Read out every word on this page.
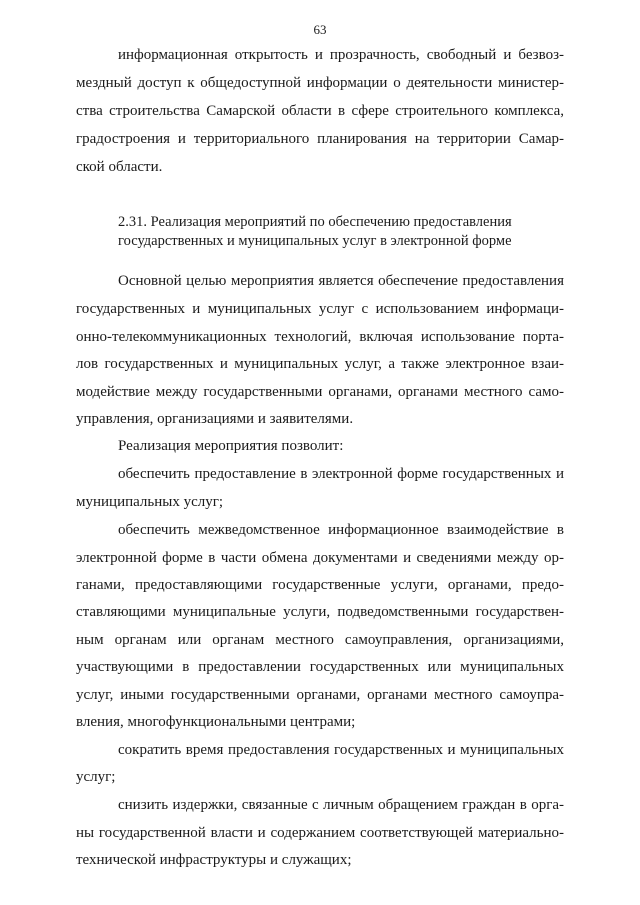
63
информационная открытость и прозрачность, свободный и безвоз-
мездный доступ к общедоступной информации о деятельности министер-
ства строительства Самарской области в сфере строительного комплекса,
градостроения и территориального планирования на территории Самар-
ской области.
2.31. Реализация мероприятий по обеспечению предоставления
государственных и муниципальных услуг в электронной форме
Основной целью мероприятия является обеспечение предоставления
государственных и муниципальных услуг с использованием информаци-
онно-телекоммуникационных технологий, включая использование порта-
лов государственных и муниципальных услуг, а также электронное взаи-
модействие между государственными органами, органами местного само-
управления, организациями и заявителями.
Реализация мероприятия позволит:
обеспечить предоставление в электронной форме государственных и
муниципальных услуг;
обеспечить межведомственное информационное взаимодействие в
электронной форме в части обмена документами и сведениями между ор-
ганами, предоставляющими государственные услуги, органами, предо-
ставляющими муниципальные услуги, подведомственными государствен-
ным органам или органам местного самоуправления, организациями,
участвующими в предоставлении государственных или муниципальных
услуг, иными государственными органами, органами местного самоупра-
вления, многофункциональными центрами;
сократить время предоставления государственных и муниципальных
услуг;
снизить издержки, связанные с личным обращением граждан в орга-
ны государственной власти и содержанием соответствующей материально-
технической инфраструктуры и служащих;
